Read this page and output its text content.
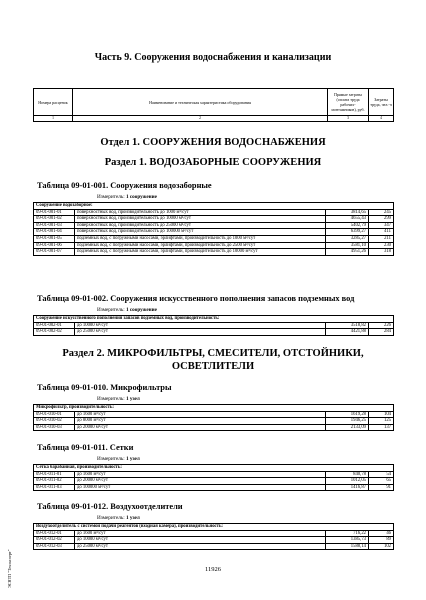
Часть 9. Сооружения водоснабжения и канализации
Номера расценок	Наименование и техническая характеристика оборудования	Прямые затраты (оплата труда рабочих-монтажников), руб.	Затраты труда, чел.-ч
1	2	3	4
Отдел 1. СООРУЖЕНИЯ ВОДОСНАБЖЕНИЯ
Раздел 1. ВОДОЗАБОРНЫЕ СООРУЖЕНИЯ
Таблица 09-01-001. Сооружения водозаборные
Измеритель: 1 сооружение
Сооружение водозаборное:			
09-01-001-01	поверхностных вод, производительность до 1000 м³/сут	3814,65	245
09-01-001-02	поверхностных вод, производительность до 10000 м³/сут	4655,43	299
09-01-001-03	поверхностных вод, производительность до 25000 м³/сут	5402,79	347
09-01-001-04	поверхностных вод, производительность до 100000 м³/сут	6399,27	411
09-01-001-05	подземных вод, с погружными насосами, эрлифтами, производительность до 1000 м³/сут	3285,27	211
09-01-001-06	подземных вод, с погружными насосами, эрлифтами, производительность до 2500 м³/сут	3581,10	230
09-01-001-07	подземных вод, с погружными насосами, эрлифтами, производительность до 10000 м³/сут	4951,26	318
Таблица 09-01-002. Сооружения искусственного пополнения запасов подземных вод
Измеритель: 1 сооружение
Сооружение искусственного пополнения запасов подземных вод, производительность:			
09-01-002-01	до 10000 м³/сут	3518,82	226
09-01-002-02	до 25000 м³/сут	4421,88	284
Раздел 2. МИКРОФИЛЬТРЫ, СМЕСИТЕЛИ, ОТСТОЙНИКИ,
ОСВЕТЛИТЕЛИ
Таблица 09-01-010. Микрофильтры
Измеритель: 1 узел
Микрофильтр, производительность:			
09-01-010-01	до 1600 м³/сут	1619,28	104
09-01-010-02	до 8000 м³/сут	1946,25	125
09-01-010-03	до 20000 м³/сут	2133,09	137
Таблица 09-01-011. Сетки
Измеритель: 1 узел
Сетка барабанная, производительность:			
09-01-011-01	до 1600 м³/сут	840,78	54
09-01-011-02	до 20000 м³/сут	1012,05	65
09-01-011-03	до 100000 м³/сут	1416,87	91
Таблица 09-01-012. Воздухоотделители
Измеритель: 1 узел
Воздухоотделитель с системой подачи реагентов (входная камера), производительность:			
09-01-012-01	до 1600 м³/сут	716,22	46
09-01-012-02	до 10000 м³/сут	1385,73	89
09-01-012-03	до 25000 м³/сут	1588,14	102
11926
ЭСНТП "Техэксперт"
